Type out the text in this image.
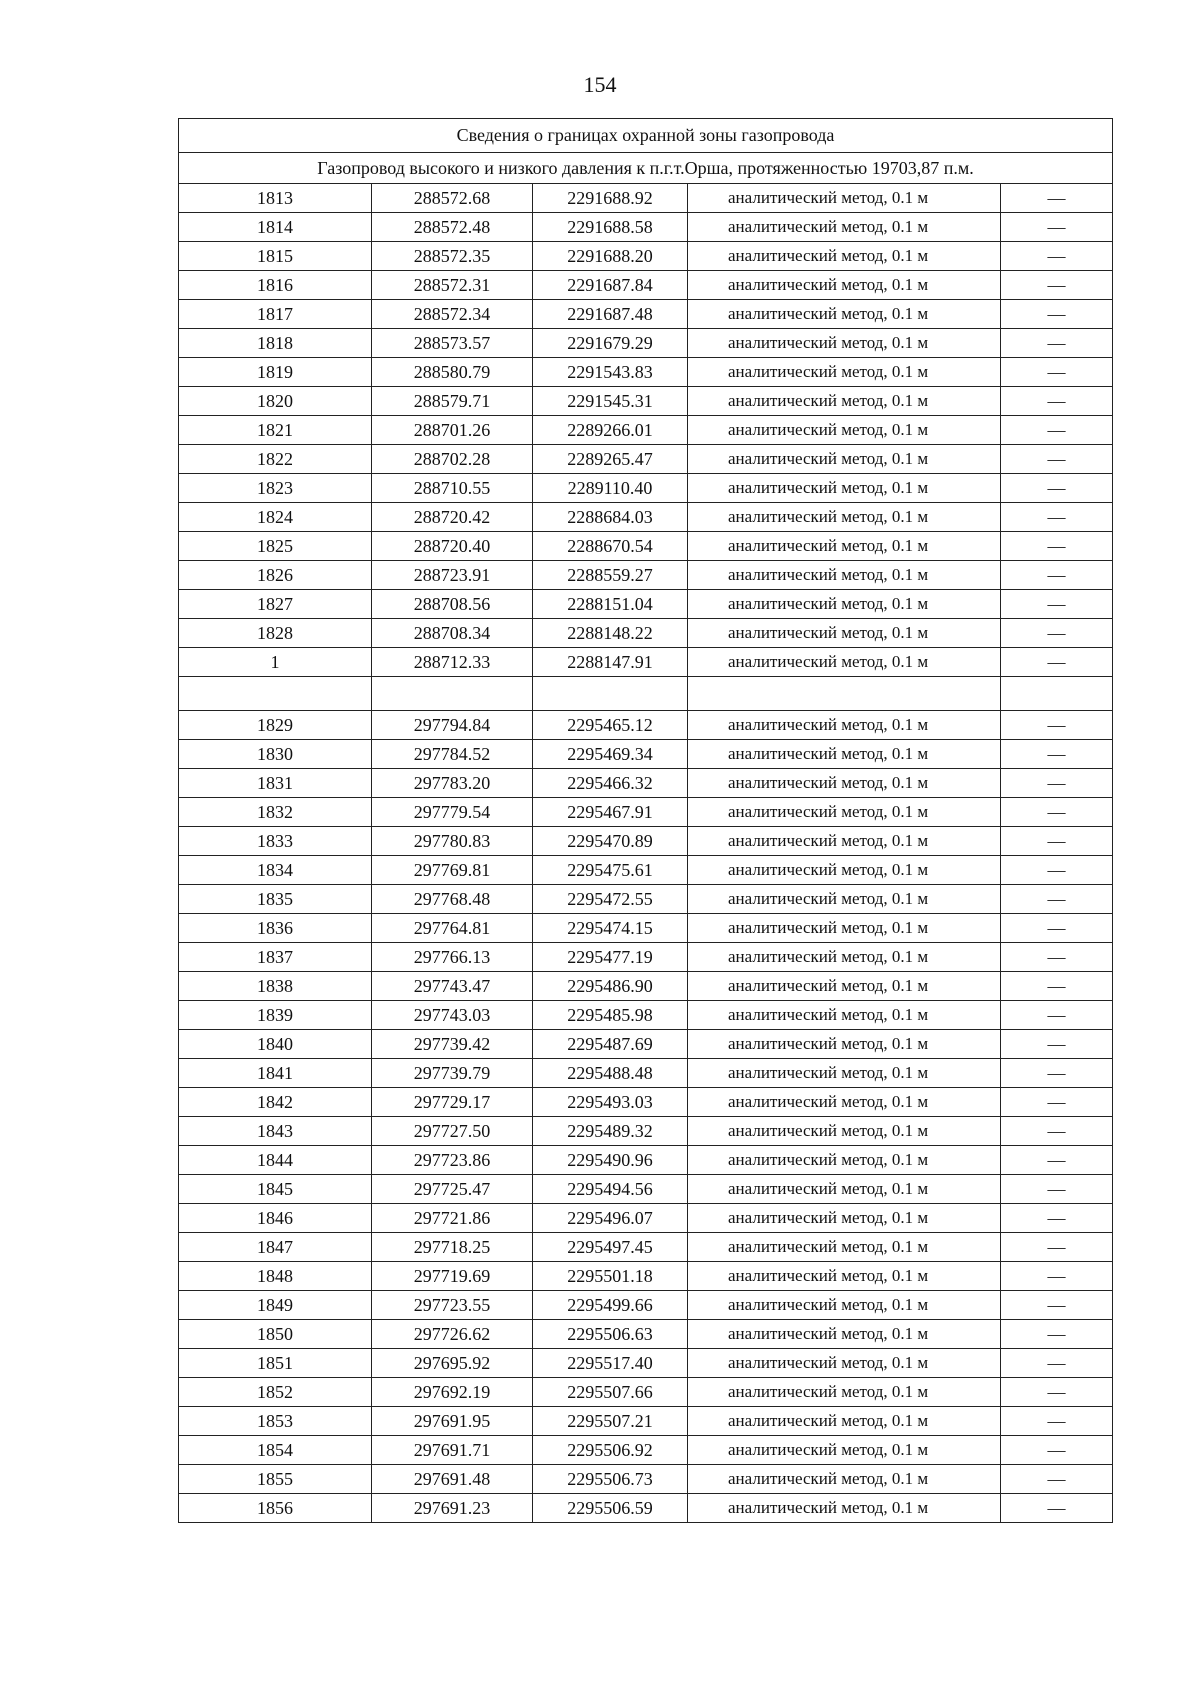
154
Сведения о границах охранной зоны газопровода				
Газопровод высокого и низкого давления к п.г.т.Орша, протяженностью 19703,87 п.м.				
1813	288572.68	2291688.92	аналитический метод, 0.1 м	—
1814	288572.48	2291688.58	аналитический метод, 0.1 м	—
1815	288572.35	2291688.20	аналитический метод, 0.1 м	—
1816	288572.31	2291687.84	аналитический метод, 0.1 м	—
1817	288572.34	2291687.48	аналитический метод, 0.1 м	—
1818	288573.57	2291679.29	аналитический метод, 0.1 м	—
1819	288580.79	2291543.83	аналитический метод, 0.1 м	—
1820	288579.71	2291545.31	аналитический метод, 0.1 м	—
1821	288701.26	2289266.01	аналитический метод, 0.1 м	—
1822	288702.28	2289265.47	аналитический метод, 0.1 м	—
1823	288710.55	2289110.40	аналитический метод, 0.1 м	—
1824	288720.42	2288684.03	аналитический метод, 0.1 м	—
1825	288720.40	2288670.54	аналитический метод, 0.1 м	—
1826	288723.91	2288559.27	аналитический метод, 0.1 м	—
1827	288708.56	2288151.04	аналитический метод, 0.1 м	—
1828	288708.34	2288148.22	аналитический метод, 0.1 м	—
1	288712.33	2288147.91	аналитический метод, 0.1 м	—

1829	297794.84	2295465.12	аналитический метод, 0.1 м	—
1830	297784.52	2295469.34	аналитический метод, 0.1 м	—
1831	297783.20	2295466.32	аналитический метод, 0.1 м	—
1832	297779.54	2295467.91	аналитический метод, 0.1 м	—
1833	297780.83	2295470.89	аналитический метод, 0.1 м	—
1834	297769.81	2295475.61	аналитический метод, 0.1 м	—
1835	297768.48	2295472.55	аналитический метод, 0.1 м	—
1836	297764.81	2295474.15	аналитический метод, 0.1 м	—
1837	297766.13	2295477.19	аналитический метод, 0.1 м	—
1838	297743.47	2295486.90	аналитический метод, 0.1 м	—
1839	297743.03	2295485.98	аналитический метод, 0.1 м	—
1840	297739.42	2295487.69	аналитический метод, 0.1 м	—
1841	297739.79	2295488.48	аналитический метод, 0.1 м	—
1842	297729.17	2295493.03	аналитический метод, 0.1 м	—
1843	297727.50	2295489.32	аналитический метод, 0.1 м	—
1844	297723.86	2295490.96	аналитический метод, 0.1 м	—
1845	297725.47	2295494.56	аналитический метод, 0.1 м	—
1846	297721.86	2295496.07	аналитический метод, 0.1 м	—
1847	297718.25	2295497.45	аналитический метод, 0.1 м	—
1848	297719.69	2295501.18	аналитический метод, 0.1 м	—
1849	297723.55	2295499.66	аналитический метод, 0.1 м	—
1850	297726.62	2295506.63	аналитический метод, 0.1 м	—
1851	297695.92	2295517.40	аналитический метод, 0.1 м	—
1852	297692.19	2295507.66	аналитический метод, 0.1 м	—
1853	297691.95	2295507.21	аналитический метод, 0.1 м	—
1854	297691.71	2295506.92	аналитический метод, 0.1 м	—
1855	297691.48	2295506.73	аналитический метод, 0.1 м	—
1856	297691.23	2295506.59	аналитический метод, 0.1 м	—
